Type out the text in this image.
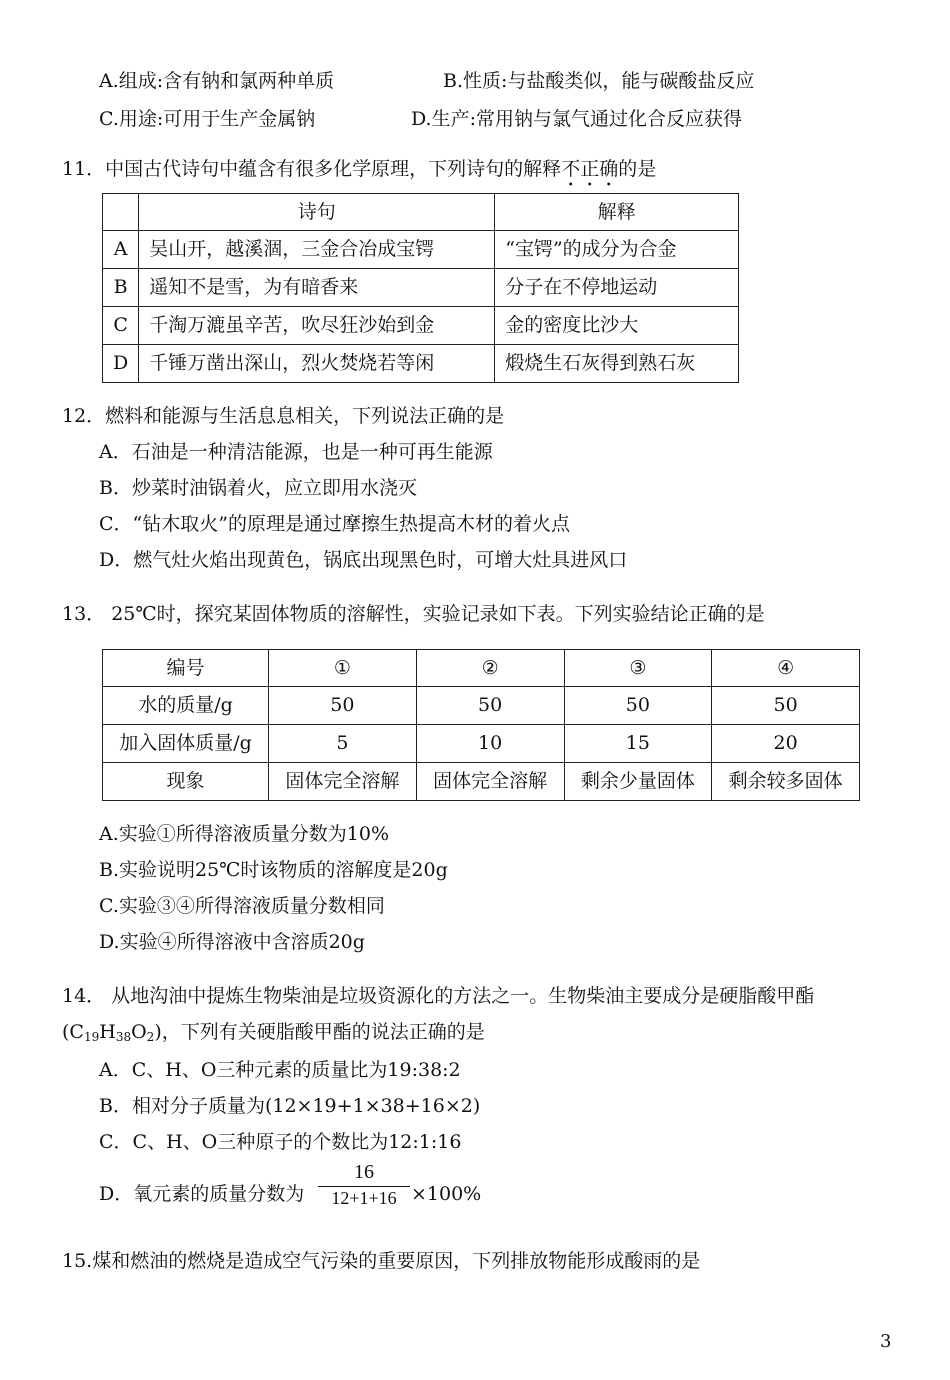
A.组成:含有钠和氯两种单质	B.性质:与盐酸类似，能与碳酸盐反应
C.用途:可用于生产金属钠	D.生产:常用钠与氯气通过化合反应获得
11．中国古代诗句中蕴含有很多化学原理，下列诗句的解释不正确的是
	诗句	解释
A	吴山开，越溪涸，三金合冶成宝锷	“宝锷”的成分为合金
B	遥知不是雪，为有暗香来	分子在不停地运动
C	千淘万漉虽辛苦，吹尽狂沙始到金	金的密度比沙大
D	千锤万凿出深山，烈火焚烧若等闲	煅烧生石灰得到熟石灰
12．燃料和能源与生活息息相关，下列说法正确的是
A．石油是一种清洁能源，也是一种可再生能源
B．炒菜时油锅着火，应立即用水浇灭
C．“钻木取火”的原理是通过摩擦生热提高木材的着火点
D．燃气灶火焰出现黄色，锅底出现黑色时，可增大灶具进风口
13． 25℃时，探究某固体物质的溶解性，实验记录如下表。下列实验结论正确的是
编号	①	②	③	④
水的质量/g	50	50	50	50
加入固体质量/g	5	10	15	20
现象	固体完全溶解	固体完全溶解	剩余少量固体	剩余较多固体
A.实验①所得溶液质量分数为10%
B.实验说明25℃时该物质的溶解度是20g
C.实验③④所得溶液质量分数相同
D.实验④所得溶液中含溶质20g
14． 从地沟油中提炼生物柴油是垃圾资源化的方法之一。生物柴油主要成分是硬脂酸甲酯
$(C_{19}H_{38}O_2)$，下列有关硬脂酸甲酯的说法正确的是
A．C、H、O三种元素的质量比为19:38:2
B．相对分子质量为(12×19+1×38+16×2)
C．C、H、O三种原子的个数比为12:1:16
D．氧元素的质量分数为
16
12+1+16 ×100%
15.煤和燃油的燃烧是造成空气污染的重要原因，下列排放物能形成酸雨的是
3
